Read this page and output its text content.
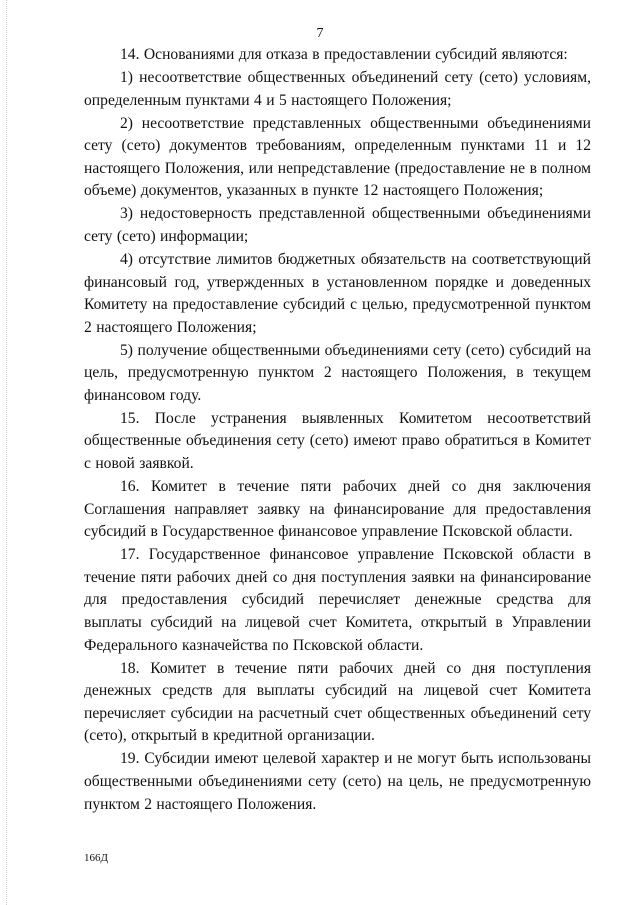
7

14. Основаниями для отказа в предоставлении субсидий являются:

1) несоответствие общественных объединений сету (сето) условиям, определенным пунктами 4 и 5 настоящего Положения;

2) несоответствие представленных общественными объединениями сету (сето) документов требованиям, определенным пунктами 11 и 12 настоящего Положения, или непредставление (предоставление не в полном объеме) документов, указанных в пункте 12 настоящего Положения;

3) недостоверность представленной общественными объединениями сету (сето) информации;

4) отсутствие лимитов бюджетных обязательств на соответствующий финансовый год, утвержденных в установленном порядке и доведенных Комитету на предоставление субсидий с целью, предусмотренной пунктом 2 настоящего Положения;

5) получение общественными объединениями сету (сето) субсидий на цель, предусмотренную пунктом 2 настоящего Положения, в текущем финансовом году.

15. После устранения выявленных Комитетом несоответствий общественные объединения сету (сето) имеют право обратиться в Комитет с новой заявкой.

16. Комитет в течение пяти рабочих дней со дня заключения Соглашения направляет заявку на финансирование для предоставления субсидий в Государственное финансовое управление Псковской области.

17. Государственное финансовое управление Псковской области в течение пяти рабочих дней со дня поступления заявки на финансирование для предоставления субсидий перечисляет денежные средства для выплаты субсидий на лицевой счет Комитета, открытый в Управлении Федерального казначейства по Псковской области.

18. Комитет в течение пяти рабочих дней со дня поступления денежных средств для выплаты субсидий на лицевой счет Комитета перечисляет субсидии на расчетный счет общественных объединений сету (сето), открытый в кредитной организации.

19. Субсидии имеют целевой характер и не могут быть использованы общественными объединениями сету (сето) на цель, не предусмотренную пунктом 2 настоящего Положения.

166Д
